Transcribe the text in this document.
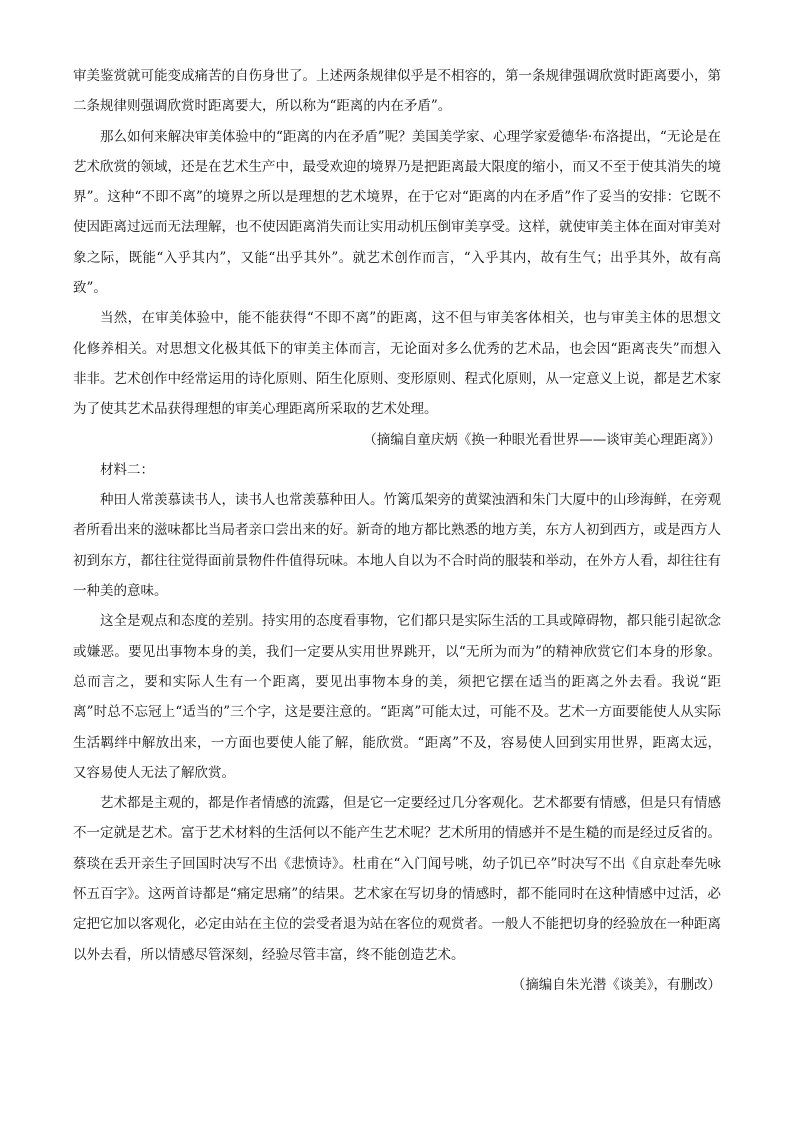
审美鉴赏就可能变成痛苦的自伤身世了。上述两条规律似乎是不相容的，第一条规律强调欣赏时距离要小，第二条规律则强调欣赏时距离要大，所以称为“距离的内在矛盾”。

那么如何来解决审美体验中的“距离的内在矛盾”呢？美国美学家、心理学家爱德华·布洛提出，“无论是在艺术欣赏的领域，还是在艺术生产中，最受欢迎的境界乃是把距离最大限度的缩小，而又不至于使其消失的境界”。这种“不即不离”的境界之所以是理想的艺术境界，在于它对“距离的内在矛盾”作了妥当的安排：它既不使因距离过远而无法理解，也不使因距离消失而让实用动机压倒审美享受。这样，就使审美主体在面对审美对象之际，既能“入乎其内”，又能“出乎其外”。就艺术创作而言，“入乎其内，故有生气；出乎其外，故有高致”。

当然，在审美体验中，能不能获得“不即不离”的距离，这不但与审美客体相关，也与审美主体的思想文化修养相关。对思想文化极其低下的审美主体而言，无论面对多么优秀的艺术品，也会因“距离丧失”而想入非非。艺术创作中经常运用的诗化原则、陌生化原则、变形原则、程式化原则，从一定意义上说，都是艺术家为了使其艺术品获得理想的审美心理距离所采取的艺术处理。

（摘编自童庆炳《换一种眼光看世界——谈审美心理距离》）

材料二：

种田人常羡慕读书人，读书人也常羡慕种田人。竹篱瓜架旁的黄粱浊酒和朱门大厦中的山珍海鲜，在旁观者所看出来的滋味都比当局者亲口尝出来的好。新奇的地方都比熟悉的地方美，东方人初到西方，或是西方人初到东方，都往往觉得面前景物件件值得玩味。本地人自以为不合时尚的服装和举动，在外方人看，却往往有一种美的意味。

这全是观点和态度的差别。持实用的态度看事物，它们都只是实际生活的工具或障碍物，都只能引起欲念或嫌恶。要见出事物本身的美，我们一定要从实用世界跳开，以“无所为而为”的精神欣赏它们本身的形象。总而言之，要和实际人生有一个距离，要见出事物本身的美，须把它摆在适当的距离之外去看。我说“距离”时总不忘冠上“适当的”三个字，这是要注意的。“距离”可能太过，可能不及。艺术一方面要能使人从实际生活羁绊中解放出来，一方面也要使人能了解，能欣赏。“距离”不及，容易使人回到实用世界，距离太远，又容易使人无法了解欣赏。

艺术都是主观的，都是作者情感的流露，但是它一定要经过几分客观化。艺术都要有情感，但是只有情感不一定就是艺术。富于艺术材料的生活何以不能产生艺术呢？艺术所用的情感并不是生糙的而是经过反省的。蔡琰在丢开亲生子回国时决写不出《悲愤诗》。杜甫在“入门闻号咷，幼子饥已卒”时决写不出《自京赴奉先咏怀五百字》。这两首诗都是“痛定思痛”的结果。艺术家在写切身的情感时，都不能同时在这种情感中过活，必定把它加以客观化，必定由站在主位的尝受者退为站在客位的观赏者。一般人不能把切身的经验放在一种距离以外去看，所以情感尽管深刻，经验尽管丰富，终不能创造艺术。

（摘编自朱光潜《谈美》，有删改）
